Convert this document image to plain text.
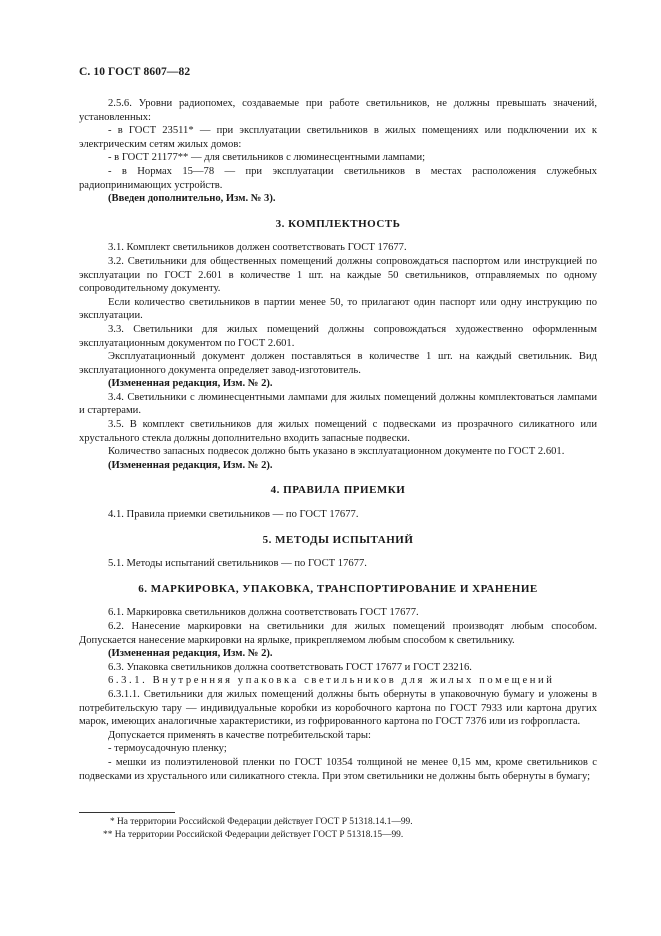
С. 10 ГОСТ 8607—82

2.5.6. Уровни радиопомех, создаваемые при работе светильников, не должны превышать значений, установленных:

- в ГОСТ 23511* — при эксплуатации светильников в жилых помещениях или подключении их к электрическим сетям жилых домов:

- в ГОСТ 21177** — для светильников с люминесцентными лампами;

- в Нормах 15—78 — при эксплуатации светильников в местах расположения служебных радиопринимающих устройств.

(Введен дополнительно, Изм. № 3).

3. КОМПЛЕКТНОСТЬ

3.1. Комплект светильников должен соответствовать ГОСТ 17677.

3.2. Светильники для общественных помещений должны сопровождаться паспортом или инструкцией по эксплуатации по ГОСТ 2.601 в количестве 1 шт. на каждые 50 светильников, отправляемых по одному сопроводительному документу.

Если количество светильников в партии менее 50, то прилагают один паспорт или одну инструкцию по эксплуатации.

3.3. Светильники для жилых помещений должны сопровождаться художественно оформленным эксплуатационным документом по ГОСТ 2.601.

Эксплуатационный документ должен поставляться в количестве 1 шт. на каждый светильник. Вид эксплуатационного документа определяет завод-изготовитель.

(Измененная редакция, Изм. № 2).

3.4. Светильники с люминесцентными лампами для жилых помещений должны комплектоваться лампами и стартерами.

3.5. В комплект светильников для жилых помещений с подвесками из прозрачного силикатного или хрустального стекла должны дополнительно входить запасные подвески.

Количество запасных подвесок должно быть указано в эксплуатационном документе по ГОСТ 2.601.

(Измененная редакция, Изм. № 2).

4. ПРАВИЛА ПРИЕМКИ

4.1. Правила приемки светильников — по ГОСТ 17677.

5. МЕТОДЫ ИСПЫТАНИЙ

5.1. Методы испытаний светильников — по ГОСТ 17677.

6. МАРКИРОВКА, УПАКОВКА, ТРАНСПОРТИРОВАНИЕ И ХРАНЕНИЕ

6.1. Маркировка светильников должна соответствовать ГОСТ 17677.

6.2. Нанесение маркировки на светильники для жилых помещений производят любым способом. Допускается нанесение маркировки на ярлыке, прикрепляемом любым способом к светильнику.

(Измененная редакция, Изм. № 2).

6.3. Упаковка светильников должна соответствовать ГОСТ 17677 и ГОСТ 23216.

6.3.1. Внутренняя упаковка светильников для жилых помещений

6.3.1.1. Светильники для жилых помещений должны быть обернуты в упаковочную бумагу и уложены в потребительскую тару — индивидуальные коробки из коробочного картона по ГОСТ 7933 или картона других марок, имеющих аналогичные характеристики, из гофрированного картона по ГОСТ 7376 или из гофропласта.

Допускается применять в качестве потребительской тары:

- термоусадочную пленку;

- мешки из полиэтиленовой пленки по ГОСТ 10354 толщиной не менее 0,15 мм, кроме светильников с подвесками из хрустального или силикатного стекла. При этом светильники не должны быть обернуты в бумагу;

* На территории Российской Федерации действует ГОСТ Р 51318.14.1—99.
** На территории Российской Федерации действует ГОСТ Р 51318.15—99.
